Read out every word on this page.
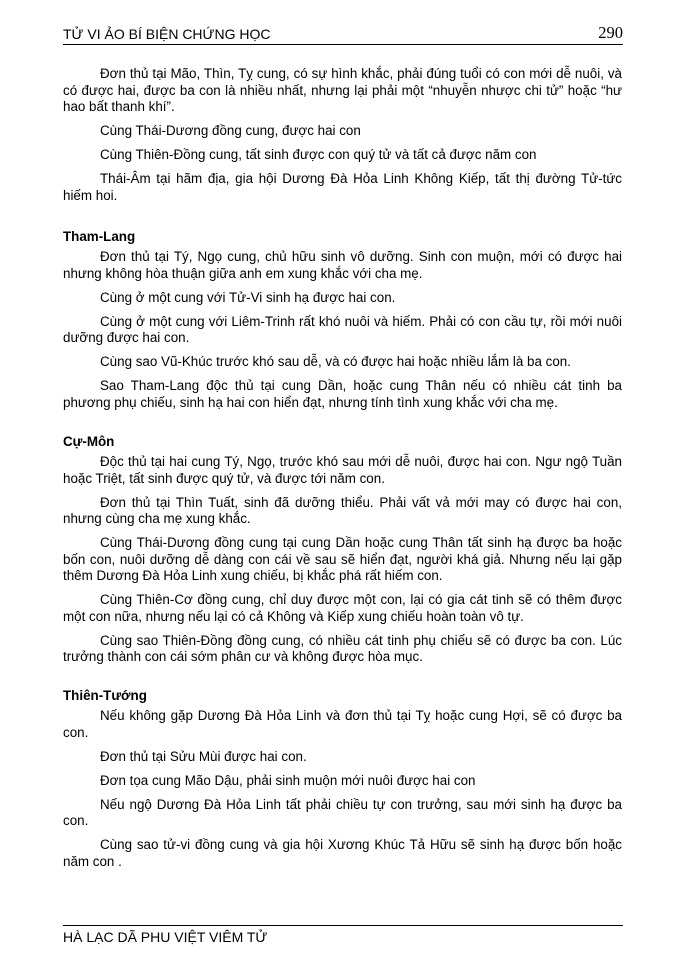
TỬ VI ẢO BÍ BIỆN CHỨNG HỌC	290

Đơn thủ tại Mão, Thìn, Tỵ cung, có sự hình khắc, phải đúng tuổi có con mới dễ nuôi, và có được hai, được ba con là nhiều nhất, nhưng lại phải một “nhuyễn nhược chi tử” hoặc “hư hao bất thanh khí”.

Cùng Thái-Dương đồng cung, được hai con

Cùng Thiên-Đồng cung, tất sinh được con quý tử và tất cả được năm con

Thái-Âm tại hãm địa, gia hội Dương Đà Hỏa Linh Không Kiếp, tất thị đường Tử-tức hiếm hoi.

Tham-Lang

Đơn thủ tại Tý, Ngọ cung, chủ hữu sinh vô dưỡng. Sinh con muộn, mới có được hai nhưng không hòa thuận giữa anh em xung khắc với cha mẹ.

Cùng ở một cung với Tử-Vi sinh hạ được hai con.

Cùng ở một cung với Liêm-Trinh rất khó nuôi và hiếm. Phải có con cầu tự, rồi mới nuôi dưỡng được hai con.

Cùng sao Vũ-Khúc trước khó sau dễ, và có được hai hoặc nhiều lắm là ba con.

Sao Tham-Lang độc thủ tại cung Dần, hoặc cung Thân nếu có nhiều cát tinh ba phương phụ chiếu, sinh hạ hai con hiển đạt, nhưng tính tình xung khắc với cha mẹ.

Cự-Môn

Độc thủ tại hai cung Tý, Ngọ, trước khó sau mới dễ nuôi, được hai con. Ngư ngộ Tuần hoặc Triệt, tất sinh được quý tử, và được tới năm con.

Đơn thủ tại Thìn Tuất, sinh đã dưỡng thiểu. Phải vất vả mới may có được hai con, nhưng cùng cha mẹ xung khắc.

Cùng Thái-Dương đồng cung tại cung Dần hoặc cung Thân tất sinh hạ được ba hoặc bốn con, nuôi dưỡng dễ dàng con cái về sau sẽ hiển đạt, người khá giả. Nhưng nếu lại gặp thêm Dương Đà Hỏa Linh xung chiếu, bị khắc phá rất hiếm con.

Cùng Thiên-Cơ đồng cung, chỉ duy được một con, lại có gia cát tinh sẽ có thêm được một con nữa, nhưng nếu lại có cả Không và Kiếp xung chiếu hoàn toàn vô tự.

Cùng sao Thiên-Đồng đồng cung, có nhiều cát tinh phụ chiếu sẽ có được ba con. Lúc trưởng thành con cái sớm phân cư và không được hòa mục.

Thiên-Tướng

Nếu không gặp Dương Đà Hỏa Linh và đơn thủ tại Tỵ hoặc cung Hợi, sẽ có được ba con.

Đơn thủ tại Sửu Mùi được hai con.

Đơn tọa cung Mão Dậu, phải sinh muộn mới nuôi được hai con

Nếu ngộ Dương Đà Hỏa Linh tất phải chiều tự con trưởng, sau mới sinh hạ được ba con.

Cùng sao tử-vi đồng cung và gia hội Xương Khúc Tả Hữu sẽ sinh hạ được bốn hoặc năm con .

HÀ LẠC DÃ PHU VIỆT VIÊM TỬ
